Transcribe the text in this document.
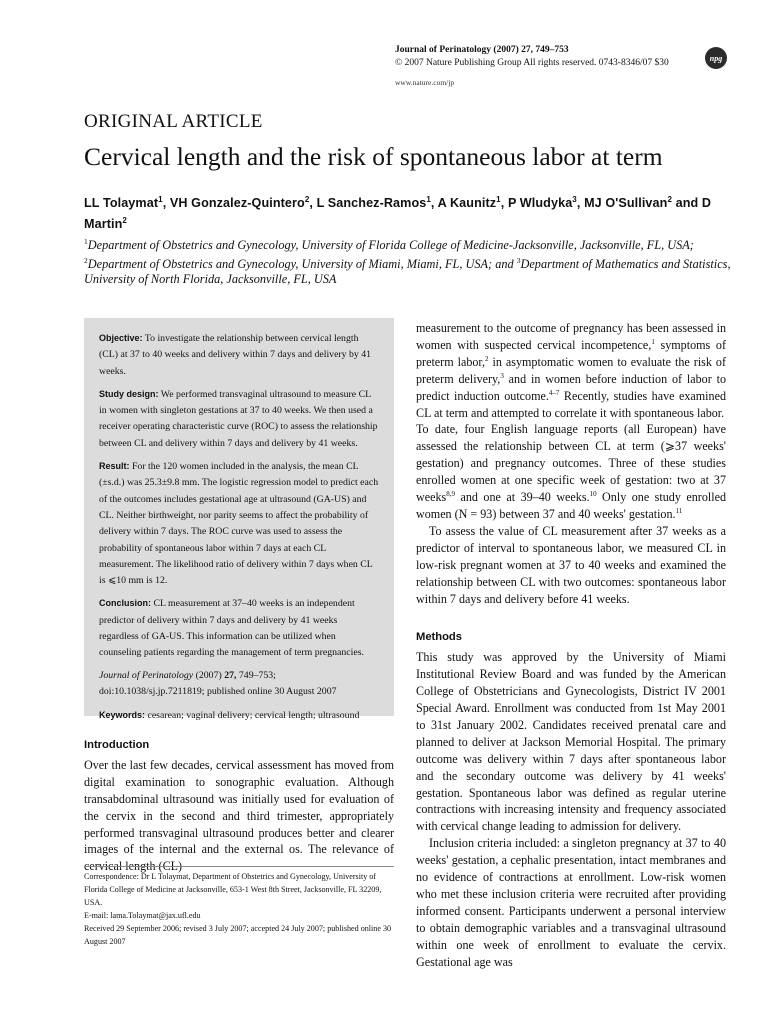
Journal of Perinatology (2007) 27, 749–753
© 2007 Nature Publishing Group All rights reserved. 0743-8346/07 $30
www.nature.com/jp
npg
ORIGINAL ARTICLE
Cervical length and the risk of spontaneous labor at term
LL Tolaymat$^1$, VH Gonzalez-Quintero$^2$, L Sanchez-Ramos$^1$, A Kaunitz$^1$, P Wludyka$^3$, MJ O'Sullivan$^2$ and D Martin$^2$
$^1$Department of Obstetrics and Gynecology, University of Florida College of Medicine-Jacksonville, Jacksonville, FL, USA; $^2$Department of Obstetrics and Gynecology, University of Miami, Miami, FL, USA; and $^3$Department of Mathematics and Statistics, University of North Florida, Jacksonville, FL, USA

Objective: To investigate the relationship between cervical length (CL) at 37 to 40 weeks and delivery within 7 days and delivery by 41 weeks.

Study design: We performed transvaginal ultrasound to measure CL in women with singleton gestations at 37 to 40 weeks. We then used a receiver operating characteristic curve (ROC) to assess the relationship between CL and delivery within 7 days and delivery by 41 weeks.

Result: For the 120 women included in the analysis, the mean CL (±s.d.) was 25.3±9.8 mm. The logistic regression model to predict each of the outcomes includes gestational age at ultrasound (GA-US) and CL. Neither birthweight, nor parity seems to affect the probability of delivery within 7 days. The ROC curve was used to assess the probability of spontaneous labor within 7 days at each CL measurement. The likelihood ratio of delivery within 7 days when CL is ⩽10 mm is 12.

Conclusion: CL measurement at 37–40 weeks is an independent predictor of delivery within 7 days and delivery by 41 weeks regardless of GA-US. This information can be utilized when counseling patients regarding the management of term pregnancies.

Journal of Perinatology (2007) 27, 749–753; doi:10.1038/sj.jp.7211819; published online 30 August 2007

Keywords: cesarean; vaginal delivery; cervical length; ultrasound

Introduction
Over the last few decades, cervical assessment has moved from digital examination to sonographic evaluation. Although transabdominal ultrasound was initially used for evaluation of the cervix in the second and third trimester, appropriately performed transvaginal ultrasound produces better and clearer images of the internal and the external os. The relevance of cervical length (CL)
Correspondence: Dr L Tolaymat, Department of Obstetrics and Gynecology, University of Florida College of Medicine at Jacksonville, 653-1 West 8th Street, Jacksonville, FL 32209, USA.
E-mail: lama.Tolaymat@jax.ufl.edu
Received 29 September 2006; revised 3 July 2007; accepted 24 July 2007; published online 30 August 2007

measurement to the outcome of pregnancy has been assessed in women with suspected cervical incompetence,$^1$ symptoms of preterm labor,$^2$ in asymptomatic women to evaluate the risk of preterm delivery,$^3$ and in women before induction of labor to predict induction outcome.$^{4-7}$ Recently, studies have examined CL at term and attempted to correlate it with spontaneous labor.

To date, four English language reports (all European) have assessed the relationship between CL at term (⩾37 weeks' gestation) and pregnancy outcomes. Three of these studies enrolled women at one specific week of gestation: two at 37 weeks$^{8,9}$ and one at 39–40 weeks.$^{10}$ Only one study enrolled women (N = 93) between 37 and 40 weeks' gestation.$^{11}$

To assess the value of CL measurement after 37 weeks as a predictor of interval to spontaneous labor, we measured CL in low-risk pregnant women at 37 to 40 weeks and examined the relationship between CL with two outcomes: spontaneous labor within 7 days and delivery before 41 weeks.

Methods

This study was approved by the University of Miami Institutional Review Board and was funded by the American College of Obstetricians and Gynecologists, District IV 2001 Special Award. Enrollment was conducted from 1st May 2001 to 31st January 2002. Candidates received prenatal care and planned to deliver at Jackson Memorial Hospital. The primary outcome was delivery within 7 days after spontaneous labor and the secondary outcome was delivery by 41 weeks' gestation. Spontaneous labor was defined as regular uterine contractions with increasing intensity and frequency associated with cervical change leading to admission for delivery.

Inclusion criteria included: a singleton pregnancy at 37 to 40 weeks' gestation, a cephalic presentation, intact membranes and no evidence of contractions at enrollment. Low-risk women who met these inclusion criteria were recruited after providing informed consent. Participants underwent a personal interview to obtain demographic variables and a transvaginal ultrasound within one week of enrollment to evaluate the cervix. Gestational age was
